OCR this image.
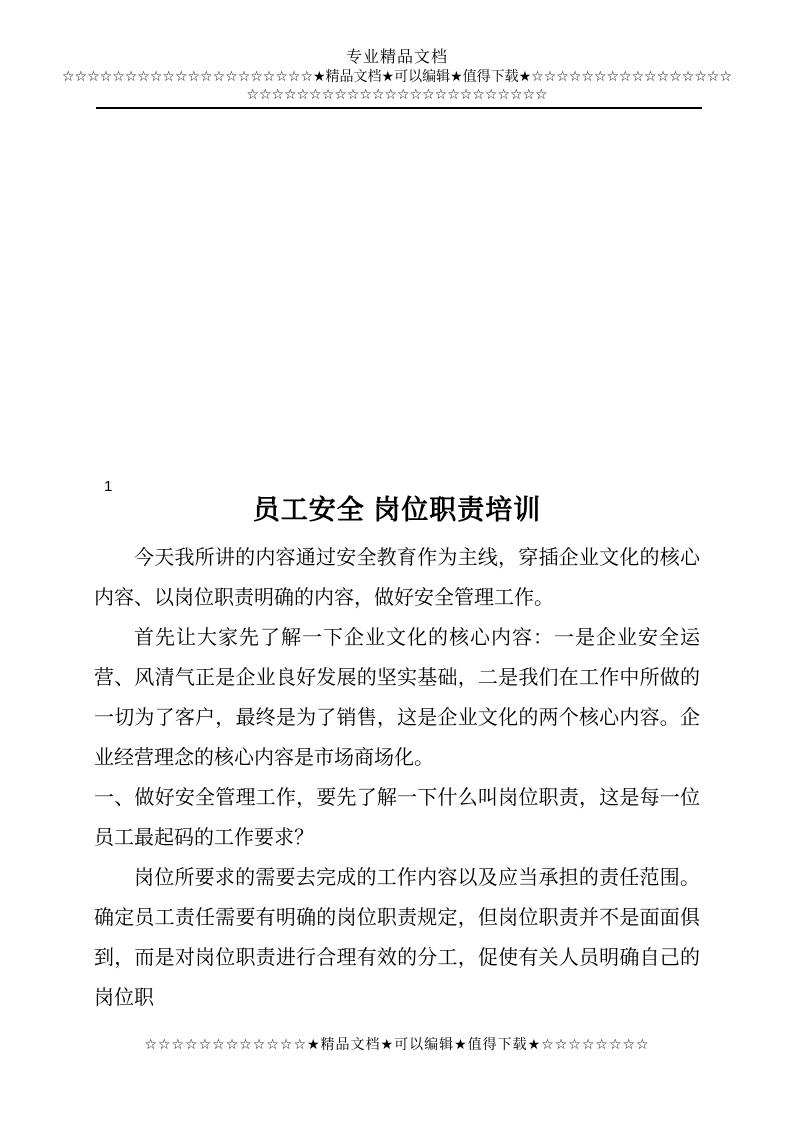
专业精品文档
☆☆☆☆☆☆☆☆☆☆☆☆☆☆☆☆☆☆☆☆★精品文档★可以编辑★值得下载★☆☆☆☆☆☆☆☆☆☆☆☆☆☆☆☆
☆☆☆☆☆☆☆☆☆☆☆☆☆☆☆☆☆☆☆☆☆☆☆☆
1
员工安全 岗位职责培训

今天我所讲的内容通过安全教育作为主线，穿插企业文化的核心内容、以岗位职责明确的内容，做好安全管理工作。

首先让大家先了解一下企业文化的核心内容：一是企业安全运营、风清气正是企业良好发展的坚实基础，二是我们在工作中所做的一切为了客户，最终是为了销售，这是企业文化的两个核心内容。企业经营理念的核心内容是市场商场化。

一、做好安全管理工作，要先了解一下什么叫岗位职责，这是每一位员工最起码的工作要求？

岗位所要求的需要去完成的工作内容以及应当承担的责任范围。确定员工责任需要有明确的岗位职责规定，但岗位职责并不是面面俱到，而是对岗位职责进行合理有效的分工，促使有关人员明确自己的岗位职

☆☆☆☆☆☆☆☆☆☆☆☆★精品文档★可以编辑★值得下载★☆☆☆☆☆☆☆☆
